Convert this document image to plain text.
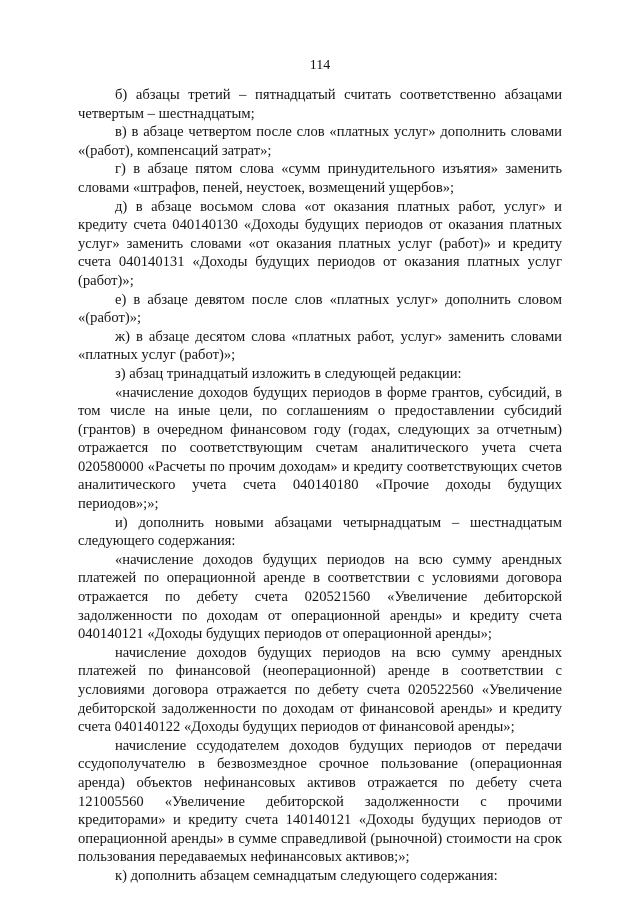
114

б) абзацы третий – пятнадцатый считать соответственно абзацами четвертым – шестнадцатым;

в) в абзаце четвертом после слов «платных услуг» дополнить словами «(работ), компенсаций затрат»;

г) в абзаце пятом слова «сумм принудительного изъятия» заменить словами «штрафов, пеней, неустоек, возмещений ущербов»;

д) в абзаце восьмом слова «от оказания платных работ, услуг» и кредиту счета 040140130 «Доходы будущих периодов от оказания платных услуг» заменить словами «от оказания платных услуг (работ)» и кредиту счета 040140131 «Доходы будущих периодов от оказания платных услуг (работ)»;

е) в абзаце девятом после слов «платных услуг» дополнить словом «(работ)»;

ж) в абзаце десятом слова «платных работ, услуг» заменить словами «платных услуг (работ)»;

з) абзац тринадцатый изложить в следующей редакции:

«начисление доходов будущих периодов в форме грантов, субсидий, в том числе на иные цели, по соглашениям о предоставлении субсидий (грантов) в очередном финансовом году (годах, следующих за отчетным) отражается по соответствующим счетам аналитического учета счета 020580000 «Расчеты по прочим доходам» и кредиту соответствующих счетов аналитического учета счета 040140180 «Прочие доходы будущих периодов»;»;

и) дополнить новыми абзацами четырнадцатым – шестнадцатым следующего содержания:

«начисление доходов будущих периодов на всю сумму арендных платежей по операционной аренде в соответствии с условиями договора отражается по дебету счета 020521560 «Увеличение дебиторской задолженности по доходам от операционной аренды» и кредиту счета 040140121 «Доходы будущих периодов от операционной аренды»;

начисление доходов будущих периодов на всю сумму арендных платежей по финансовой (неоперационной) аренде в соответствии с условиями договора отражается по дебету счета 020522560 «Увеличение дебиторской задолженности по доходам от финансовой аренды» и кредиту счета 040140122 «Доходы будущих периодов от финансовой аренды»;

начисление ссудодателем доходов будущих периодов от передачи ссудополучателю в безвозмездное срочное пользование (операционная аренда) объектов нефинансовых активов отражается по дебету счета 121005560 «Увеличение дебиторской задолженности с прочими кредиторами» и кредиту счета 140140121 «Доходы будущих периодов от операционной аренды» в сумме справедливой (рыночной) стоимости на срок пользования передаваемых нефинансовых активов;»;

к) дополнить абзацем семнадцатым следующего содержания:
